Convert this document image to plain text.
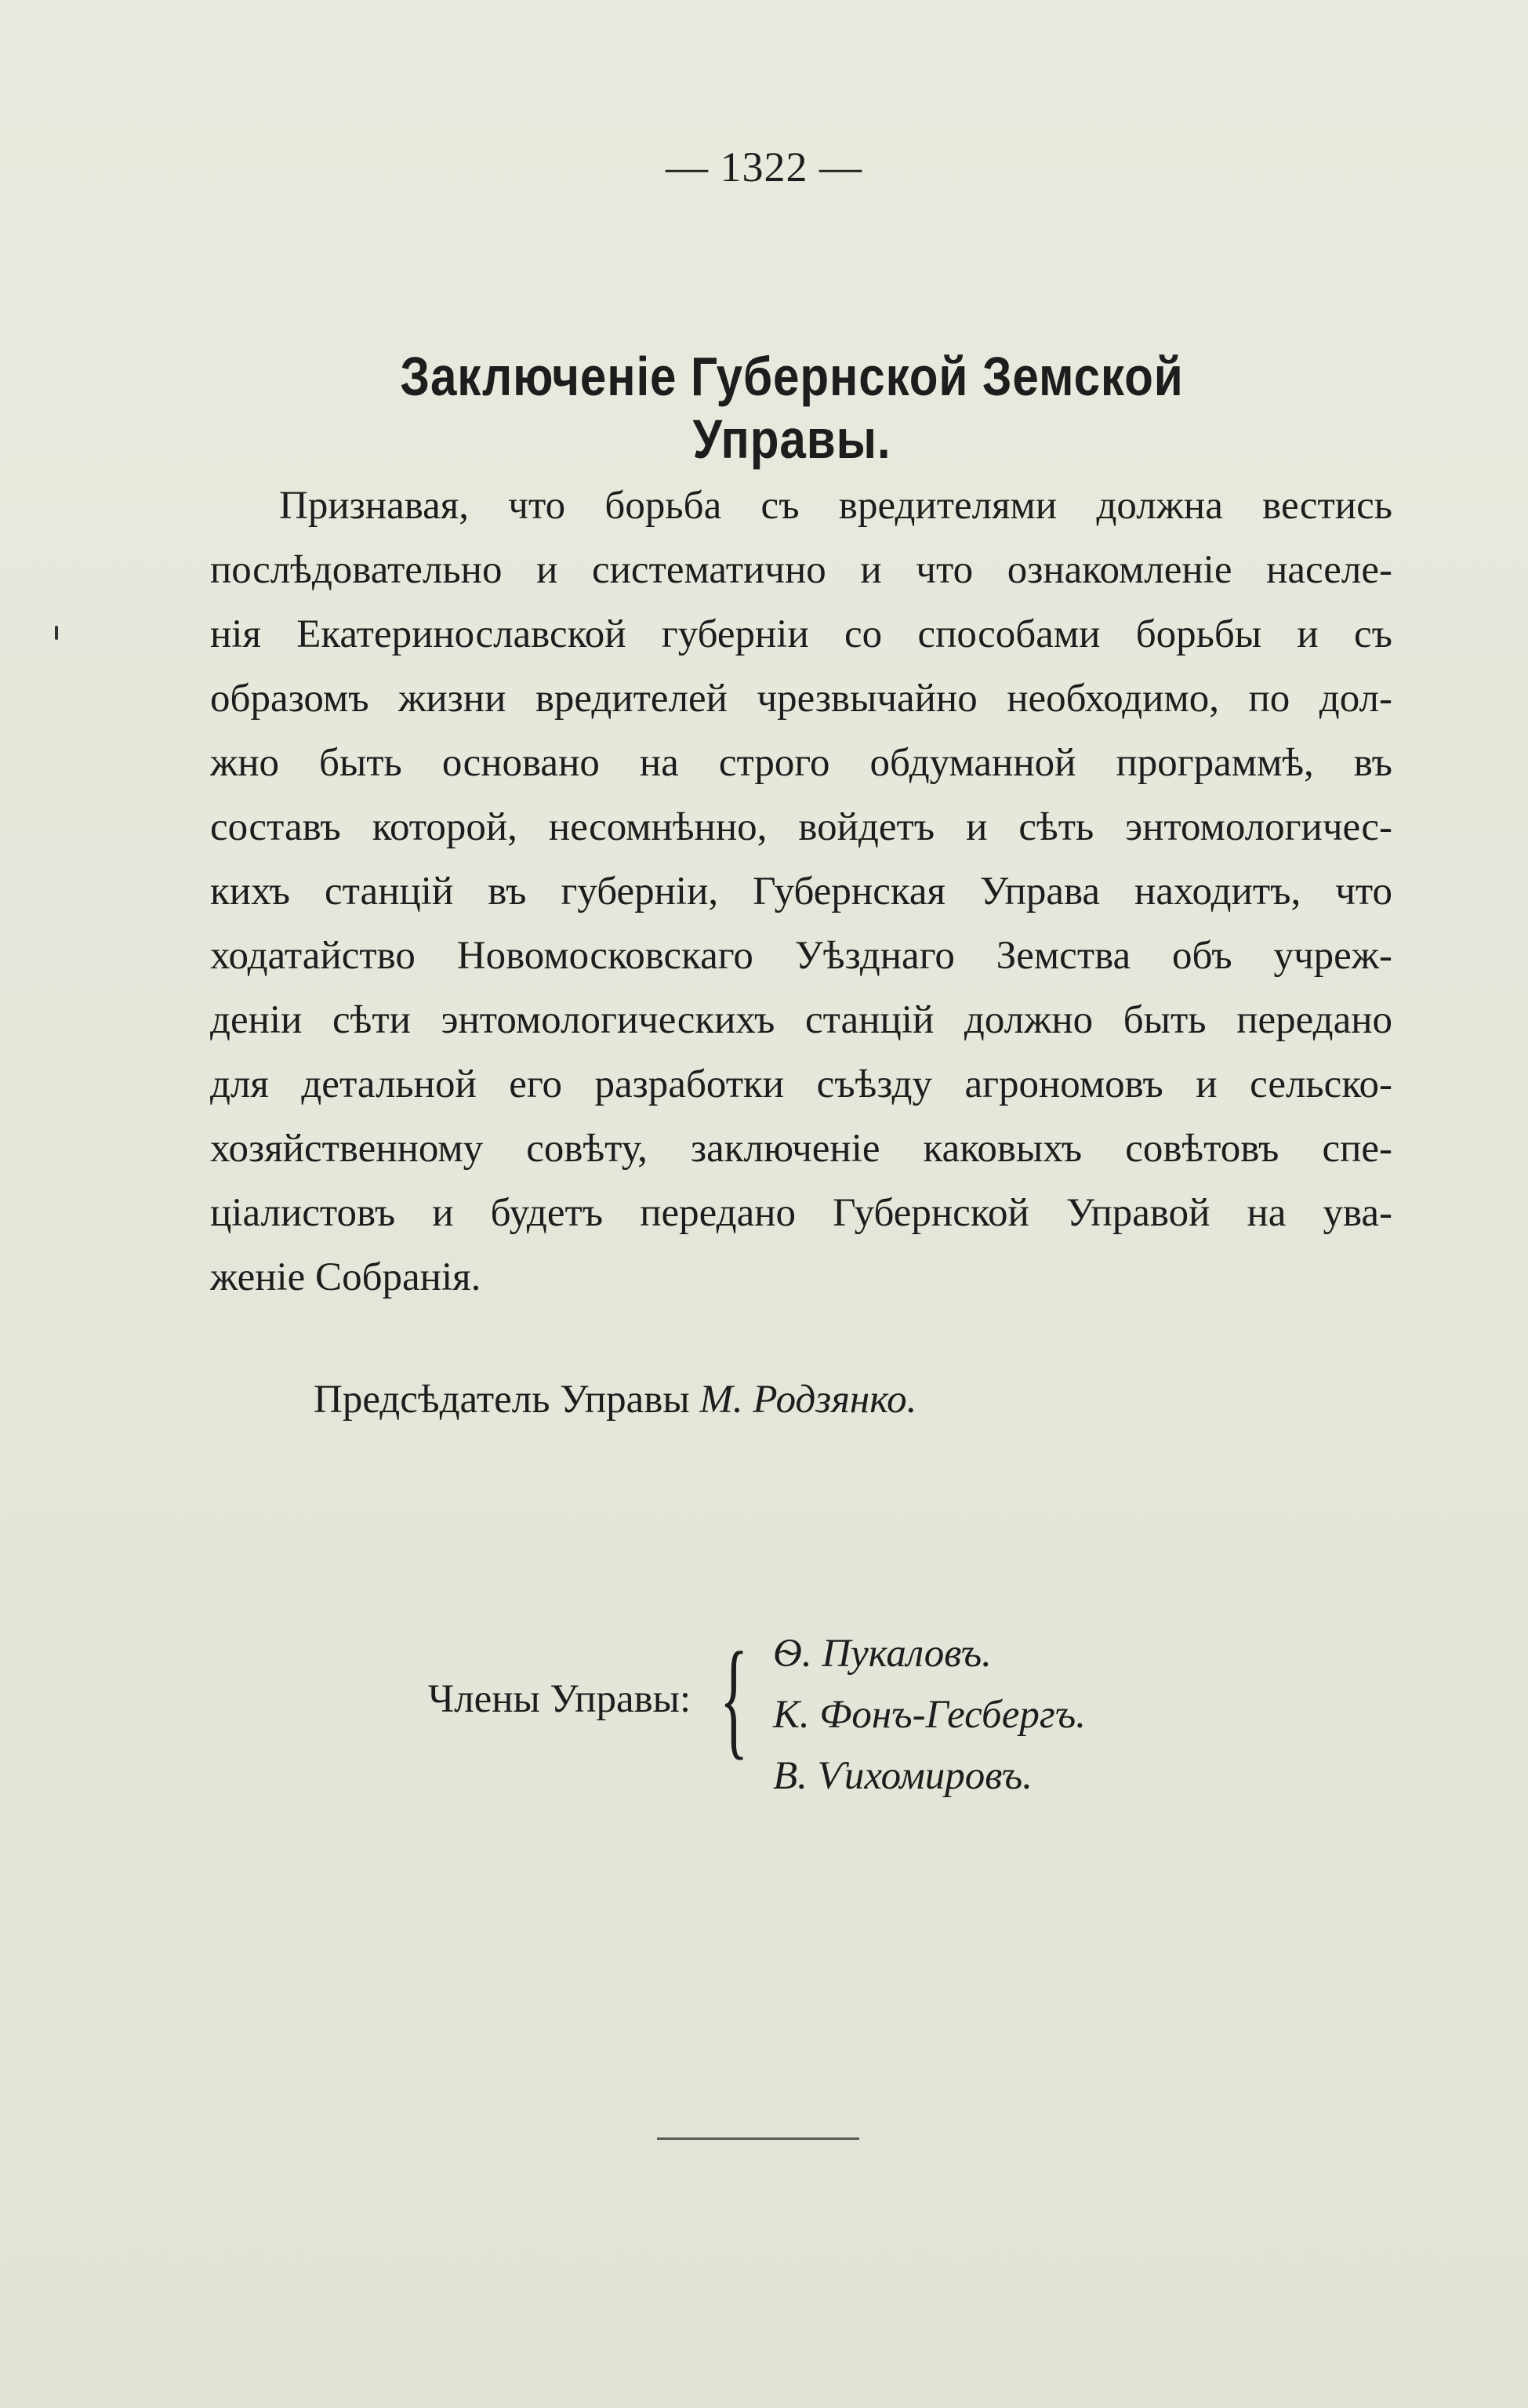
— 1322 —
Заключеніе Губернской Земской Управы.
Признавая, что борьба съ вредителями должна вестись
послѣдовательно и систематично и что ознакомленіе населе-
нія Екатеринославской губерніи со способами борьбы и съ
образомъ жизни вредителей чрезвычайно необходимо, по дол-
жно быть основано на строго обдуманной программѣ, въ
составъ которой, несомнѣнно, войдетъ и сѣть энтомологичес-
кихъ станцій въ губерніи, Губернская Управа находитъ, что
ходатайство Новомосковскаго Уѣзднаго Земства объ учреж-
деніи сѣти энтомологическихъ станцій должно быть передано
для детальной его разработки съѣзду агрономовъ и сельско-
хозяйственному совѣту, заключеніе каковыхъ совѣтовъ спе-
ціалистовъ и будетъ передано Губернской Управой на ува-
женіе Собранія.
Предсѣдатель Управы М. Родзянко.
Члены Управы: { Ѳ. Пукаловъ.
К. Фонъ-Гесбергъ.
В. Ѵихомировъ.
